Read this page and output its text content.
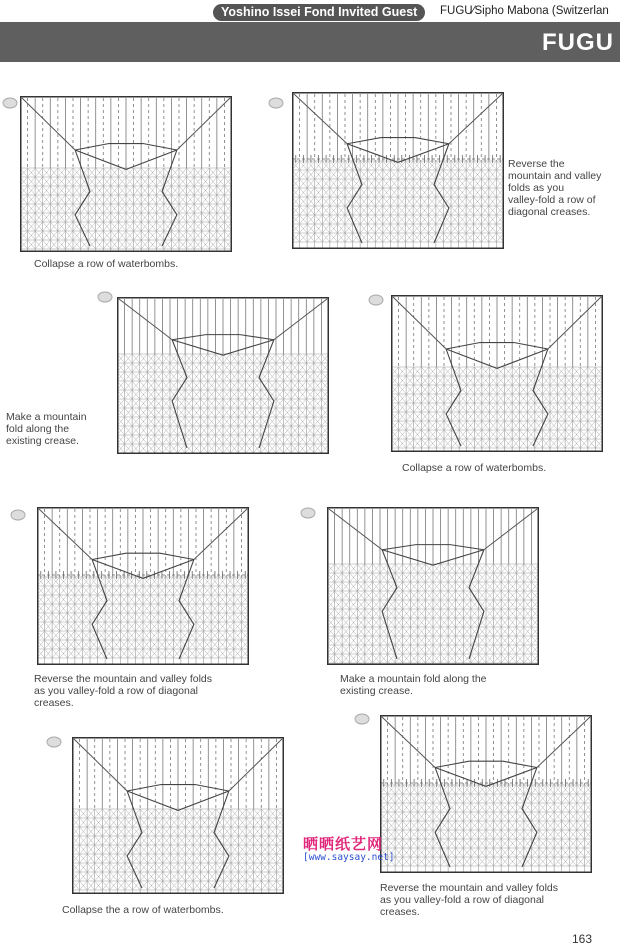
Yoshino Issei Fond Invited Guest	FUGU⁄Sipho Mabona (Switzerlan
FUGU
Collapse a row of waterbombs.
Reverse the
mountain and valley
folds as you
valley-fold a row of
diagonal creases.
Make a mountain
fold along the
existing crease.
Collapse a row of waterbombs.
Reverse the mountain and valley folds
as you valley-fold a row of diagonal
creases.
Make a mountain fold along the
existing crease.
Collapse the a row of waterbombs.
Reverse the mountain and valley folds
as you valley-fold a row of diagonal
creases.
晒晒纸艺网
[www.saysay.net]
163
